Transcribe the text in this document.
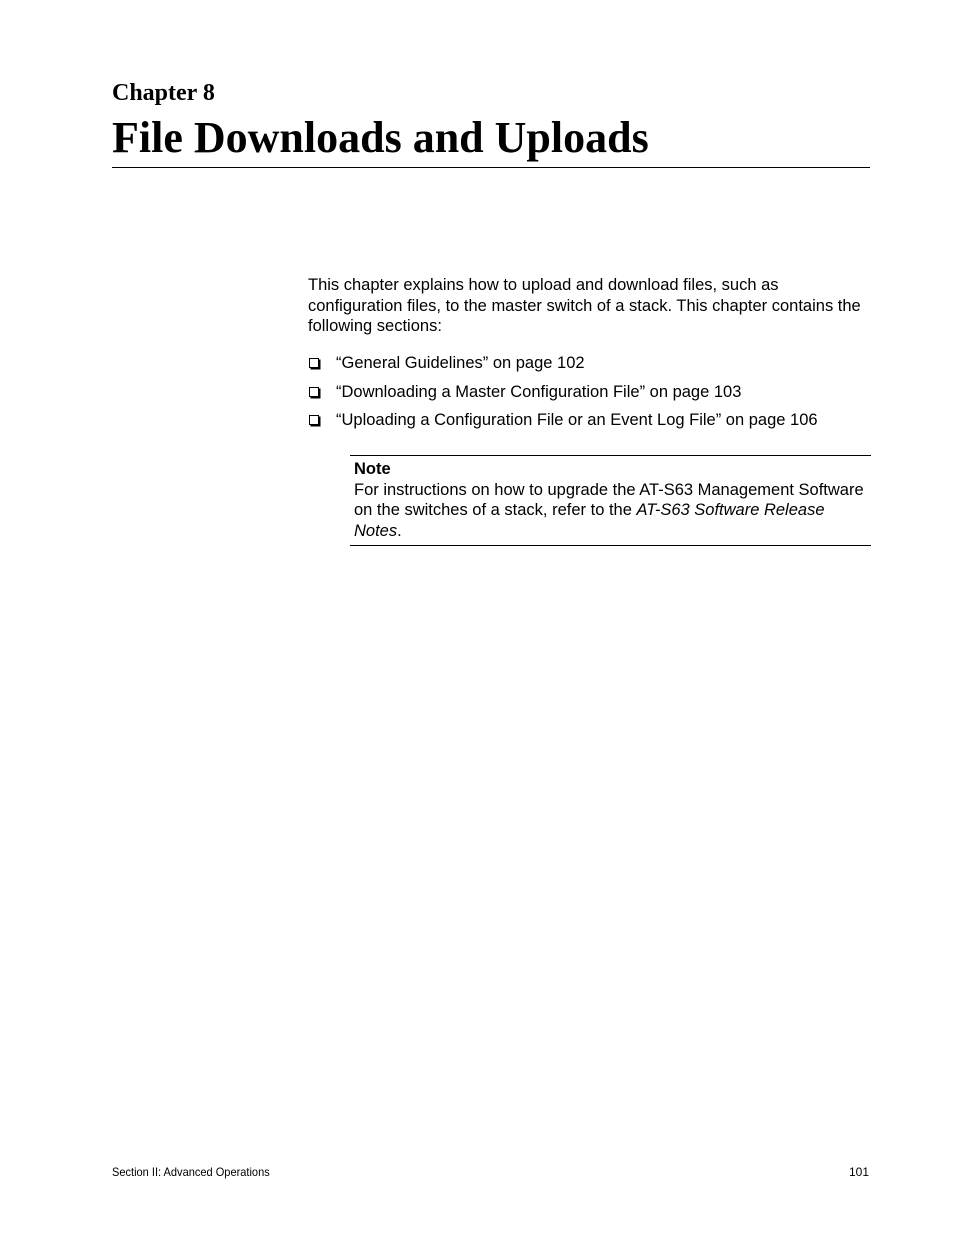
Chapter 8
File Downloads and Uploads

This chapter explains how to upload and download files, such as configuration files, to the master switch of a stack. This chapter contains the following sections:

“General Guidelines” on page 102
“Downloading a Master Configuration File” on page 103
“Uploading a Configuration File or an Event Log File” on page 106

Note

For instructions on how to upgrade the AT-S63 Management Software on the switches of a stack, refer to the AT-S63 Software Release Notes.

Section II: Advanced Operations	101
